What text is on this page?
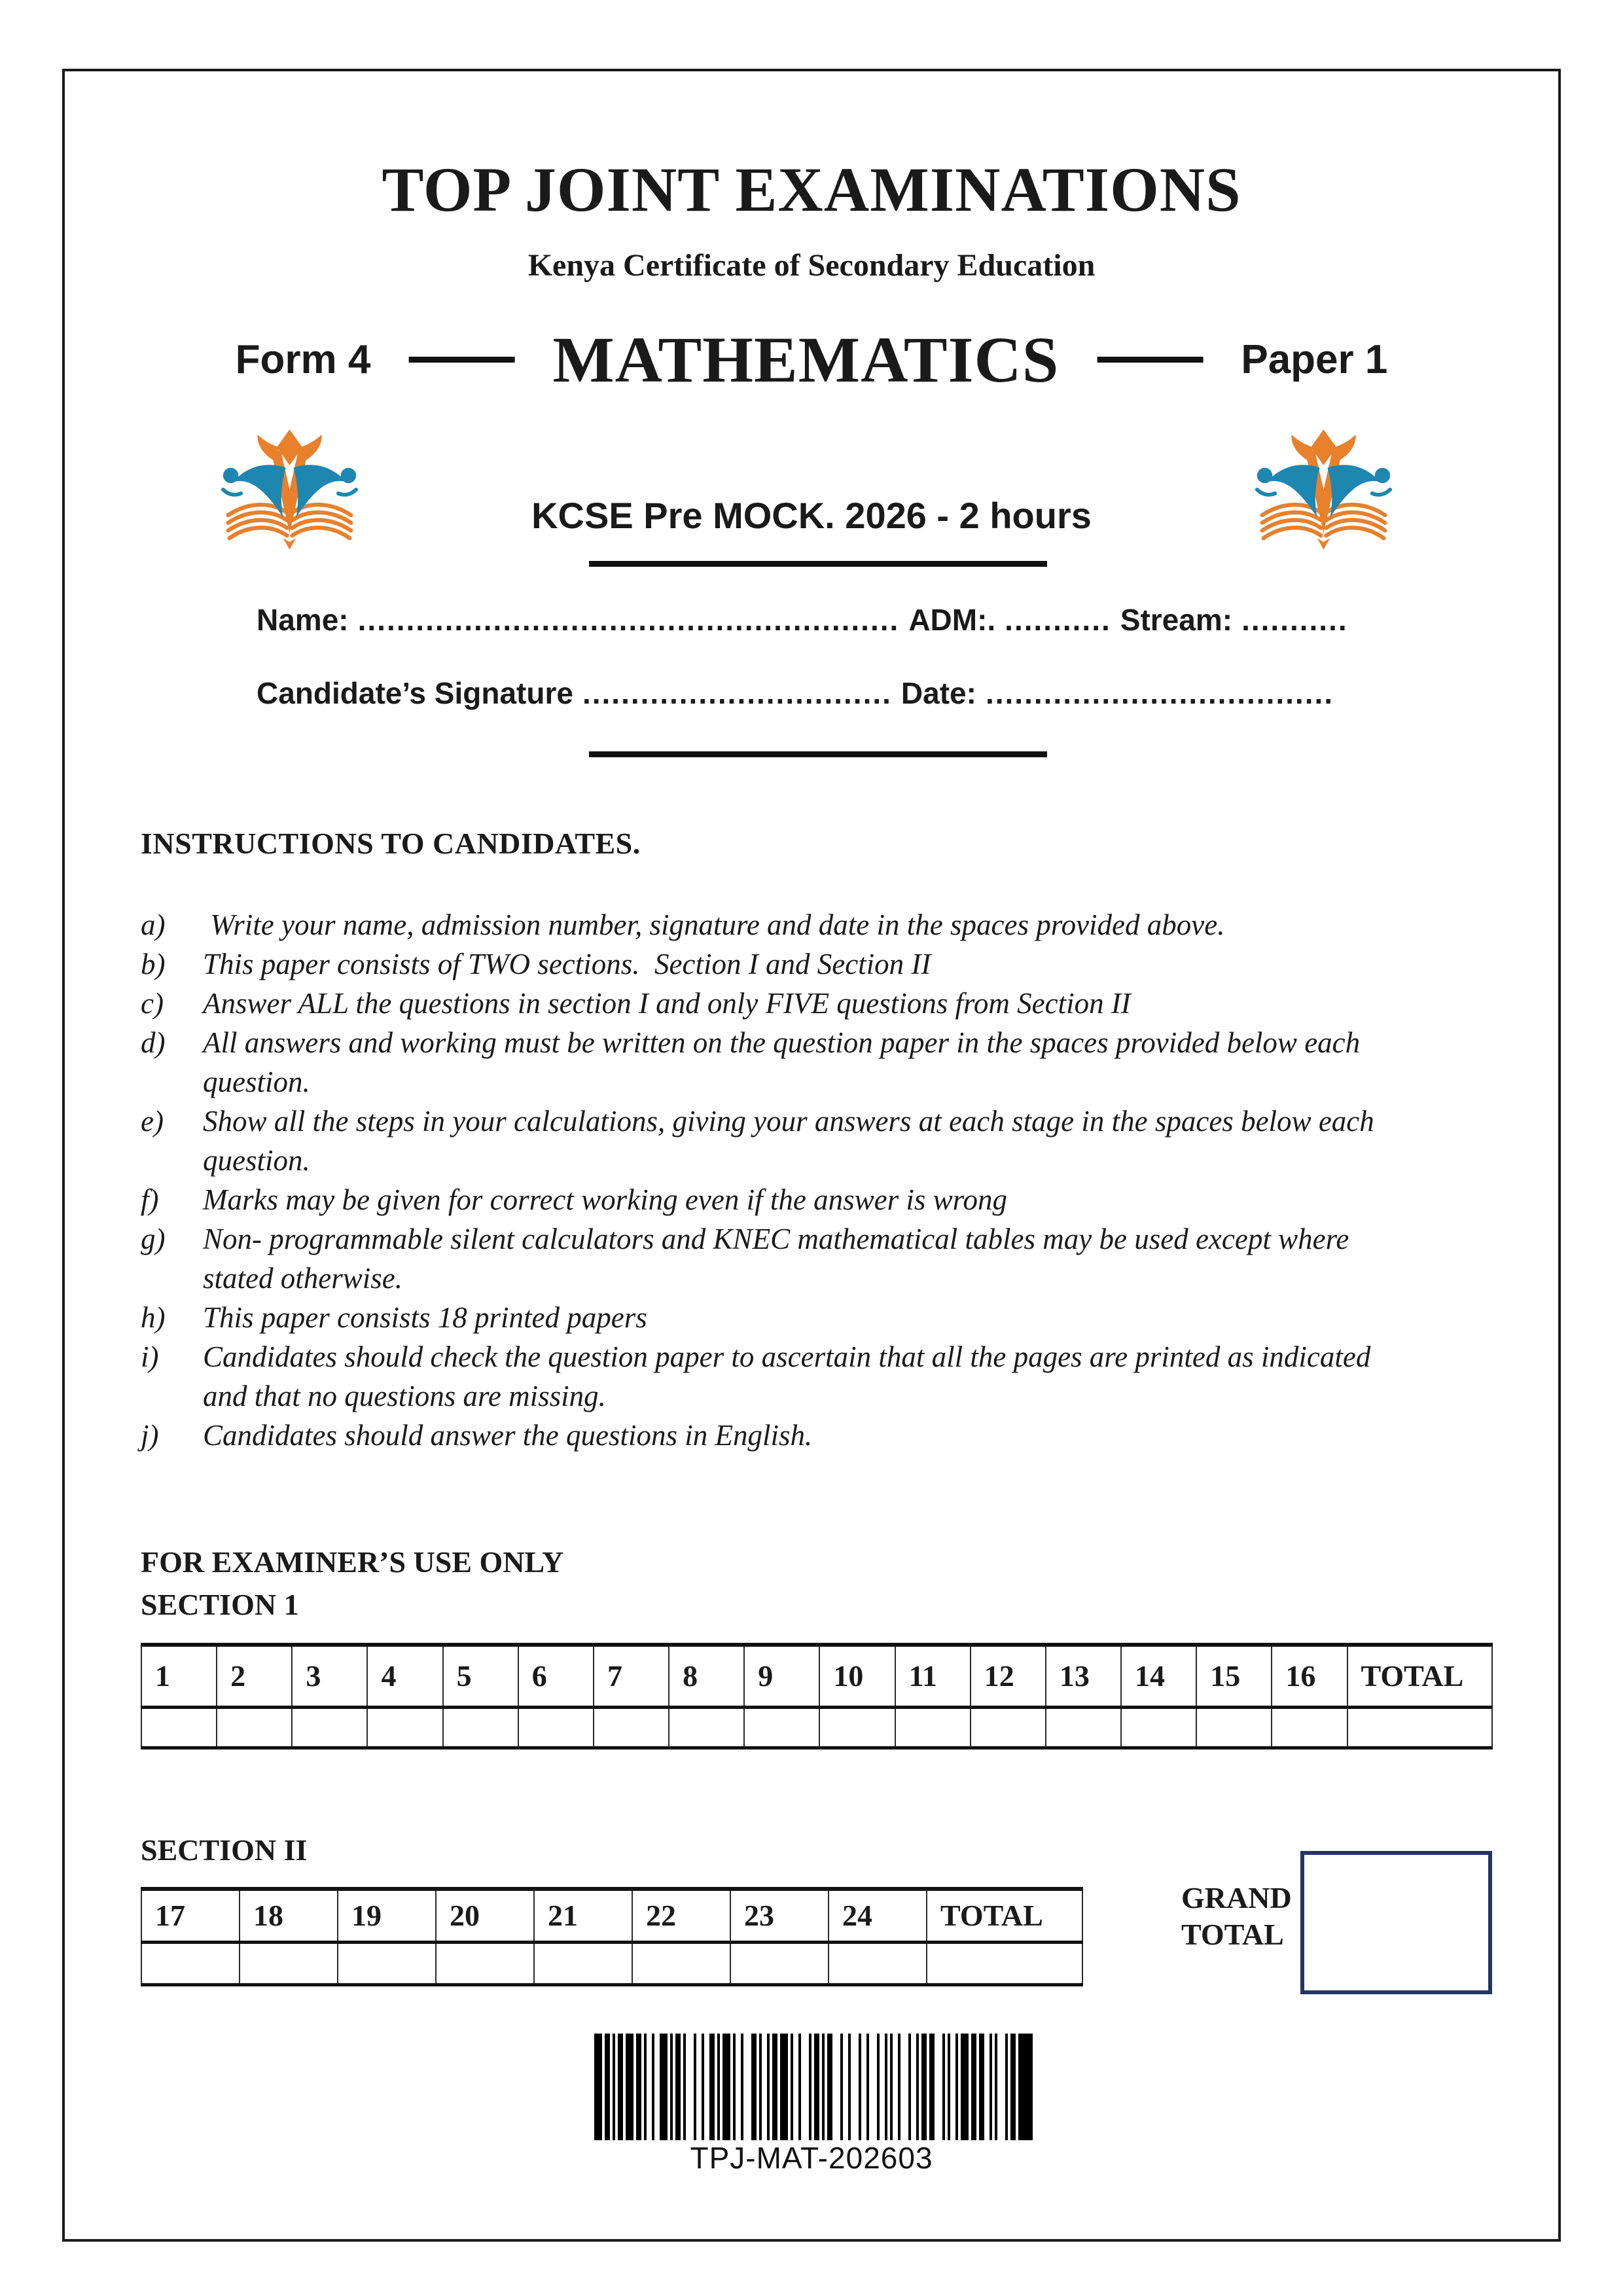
TOP JOINT EXAMINATIONS
Kenya Certificate of Secondary Education
Form 4	MATHEMATICS	Paper 1
KCSE Pre MOCK. 2026 - 2 hours
Name: ........................................................ ADM:. ........... Stream: ...........
Candidate’s Signature ................................ Date: ....................................
INSTRUCTIONS TO CANDIDATES.
a)	Write your name, admission number, signature and date in the spaces provided above.
b)	This paper consists of TWO sections.  Section I and Section II
c)	Answer ALL the questions in section I and only FIVE questions from Section II
d)	All answers and working must be written on the question paper in the spaces provided below each
question.
e)	Show all the steps in your calculations, giving your answers at each stage in the spaces below each
question.
f)	Marks may be given for correct working even if the answer is wrong
g)	Non- programmable silent calculators and KNEC mathematical tables may be used except where
stated otherwise.
h)	This paper consists 18 printed papers
i)	Candidates should check the question paper to ascertain that all the pages are printed as indicated
and that no questions are missing.
j)	Candidates should answer the questions in English.
FOR EXAMINER’S USE ONLY
SECTION 1
1	2	3	4	5	6	7	8	9	10	11	12	13	14	15	16	TOTAL

SECTION II
17	18	19	20	21	22	23	24	TOTAL

GRAND TOTAL
TPJ-MAT-202603
